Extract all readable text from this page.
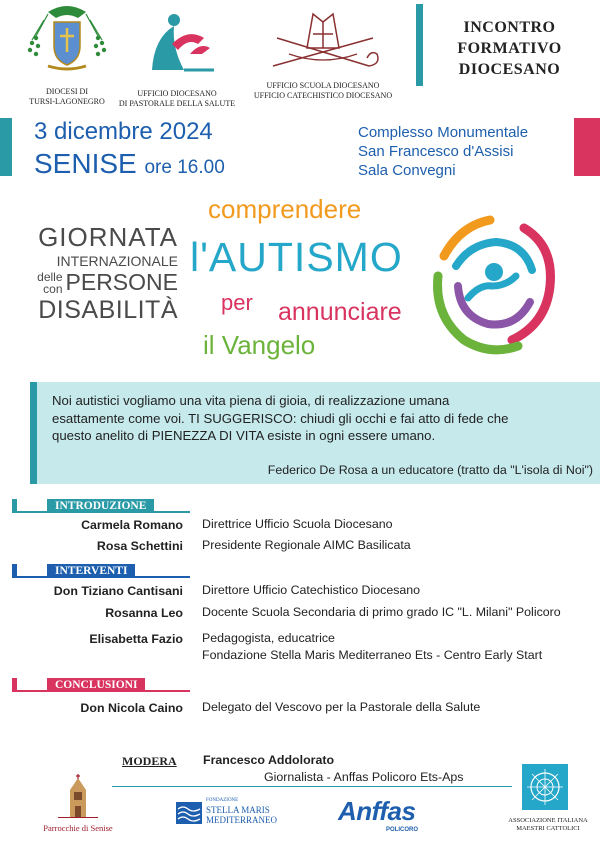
DIOCESI DI
TURSI-LAGONEGRO
UFFICIO DIOCESANO
DI PASTORALE DELLA SALUTE
UFFICIO SCUOLA DIOCESANO
UFFICIO CATECHISTICO DIOCESANO
INCONTRO
FORMATIVO
DIOCESANO
3 dicembre 2024
SENISE ore 16.00
Complesso Monumentale
San Francesco d'Assisi
Sala Convegni
GIORNATA
INTERNAZIONALE
delle
con PERSONE
DISABILITÀ
comprendere
l'AUTISMO
per annunciare
il Vangelo
Noi autistici vogliamo una vita piena di gioia, di realizzazione umana
esattamente come voi. TI SUGGERISCO: chiudi gli occhi e fai atto di fede che
questo anelito di PIENEZZA DI VITA esiste in ogni essere umano.
Federico De Rosa a un educatore (tratto da "L'isola di Noi")
INTRODUZIONE
Carmela Romano Direttrice Ufficio Scuola Diocesano
Rosa Schettini Presidente Regionale AIMC Basilicata
INTERVENTI
Don Tiziano Cantisani Direttore Ufficio Catechistico Diocesano
Rosanna Leo Docente Scuola Secondaria di primo grado IC "L. Milani" Policoro
Elisabetta Fazio Pedagogista, educatrice
Fondazione Stella Maris Mediterraneo Ets - Centro Early Start
CONCLUSIONI
Don Nicola Caino Delegato del Vescovo per la Pastorale della Salute
MODERA Francesco Addolorato
Giornalista - Anffas Policoro Ets-Aps
Parrocchie di Senise
FONDAZIONE
STELLA MARIS
MEDITERRANEO Anffas
POLICORO
ASSOCIAZIONE ITALIANA
MAESTRI CATTOLICI
